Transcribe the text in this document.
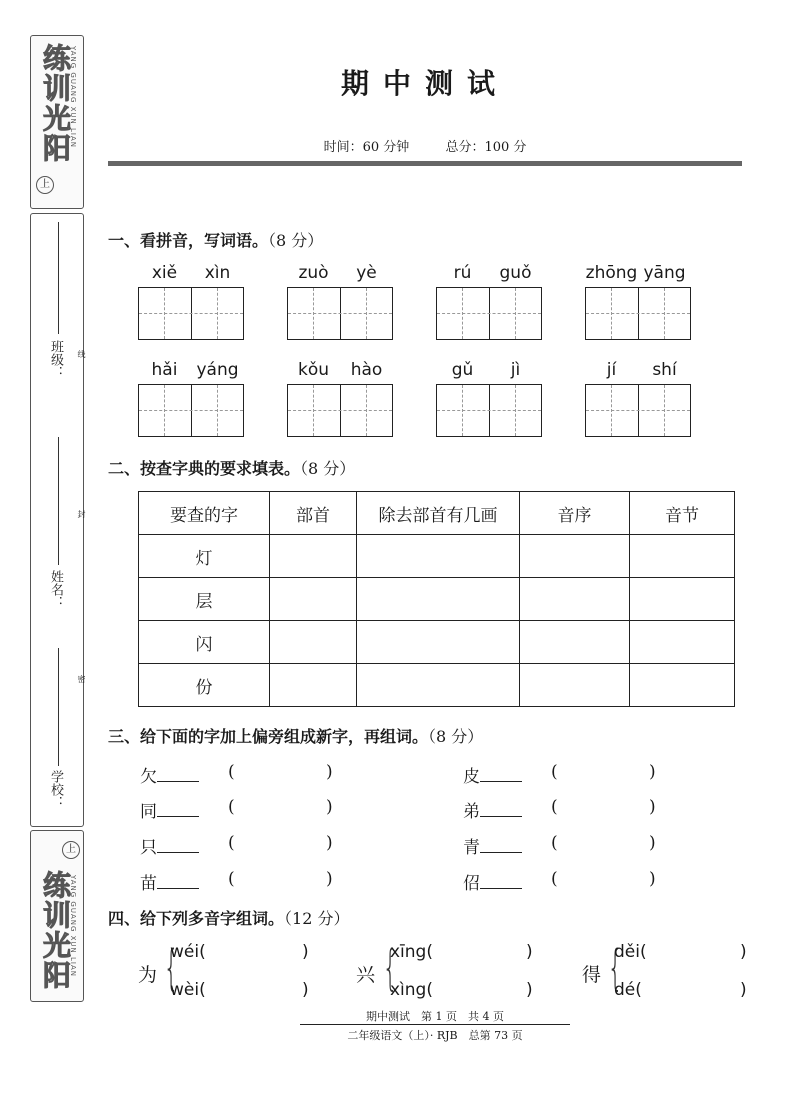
练
训
光
阳
YANG GUANG XUN LIAN
上
班级： 线
姓名：
封
学校：
密
上
练
训
光
阳
YANG GUANG XUN LIAN
期中测试
时间：60 分钟	总分：100 分
一、看拼音，写词语。（8 分）
xiě xìn	zuò yè	rú guǒ	zhōng yāng
hǎi yáng	kǒu hào	gǔ jì	jí shí
二、按查字典的要求填表。（8 分）
要查的字	部首	除去部首有几画	音序	音节
灯				
层				
闪				
份				
三、给下面的字加上偏旁组成新字，再组词。（8 分）
欠	(	)	皮	(	)
同	(	)	弟	(	)
只	(	)	青	(	)
苗	(	)	佋	(	)
四、给下列多音字组词。（12 分）
为 {
wéi(	)
wèi(	)
兴 {
xīng(	)
xìng(	)
得 {
děi(	)
dé(	)
期中测试　第 1 页　共 4 页
二年级语文（上）· RJB　总第 73 页
